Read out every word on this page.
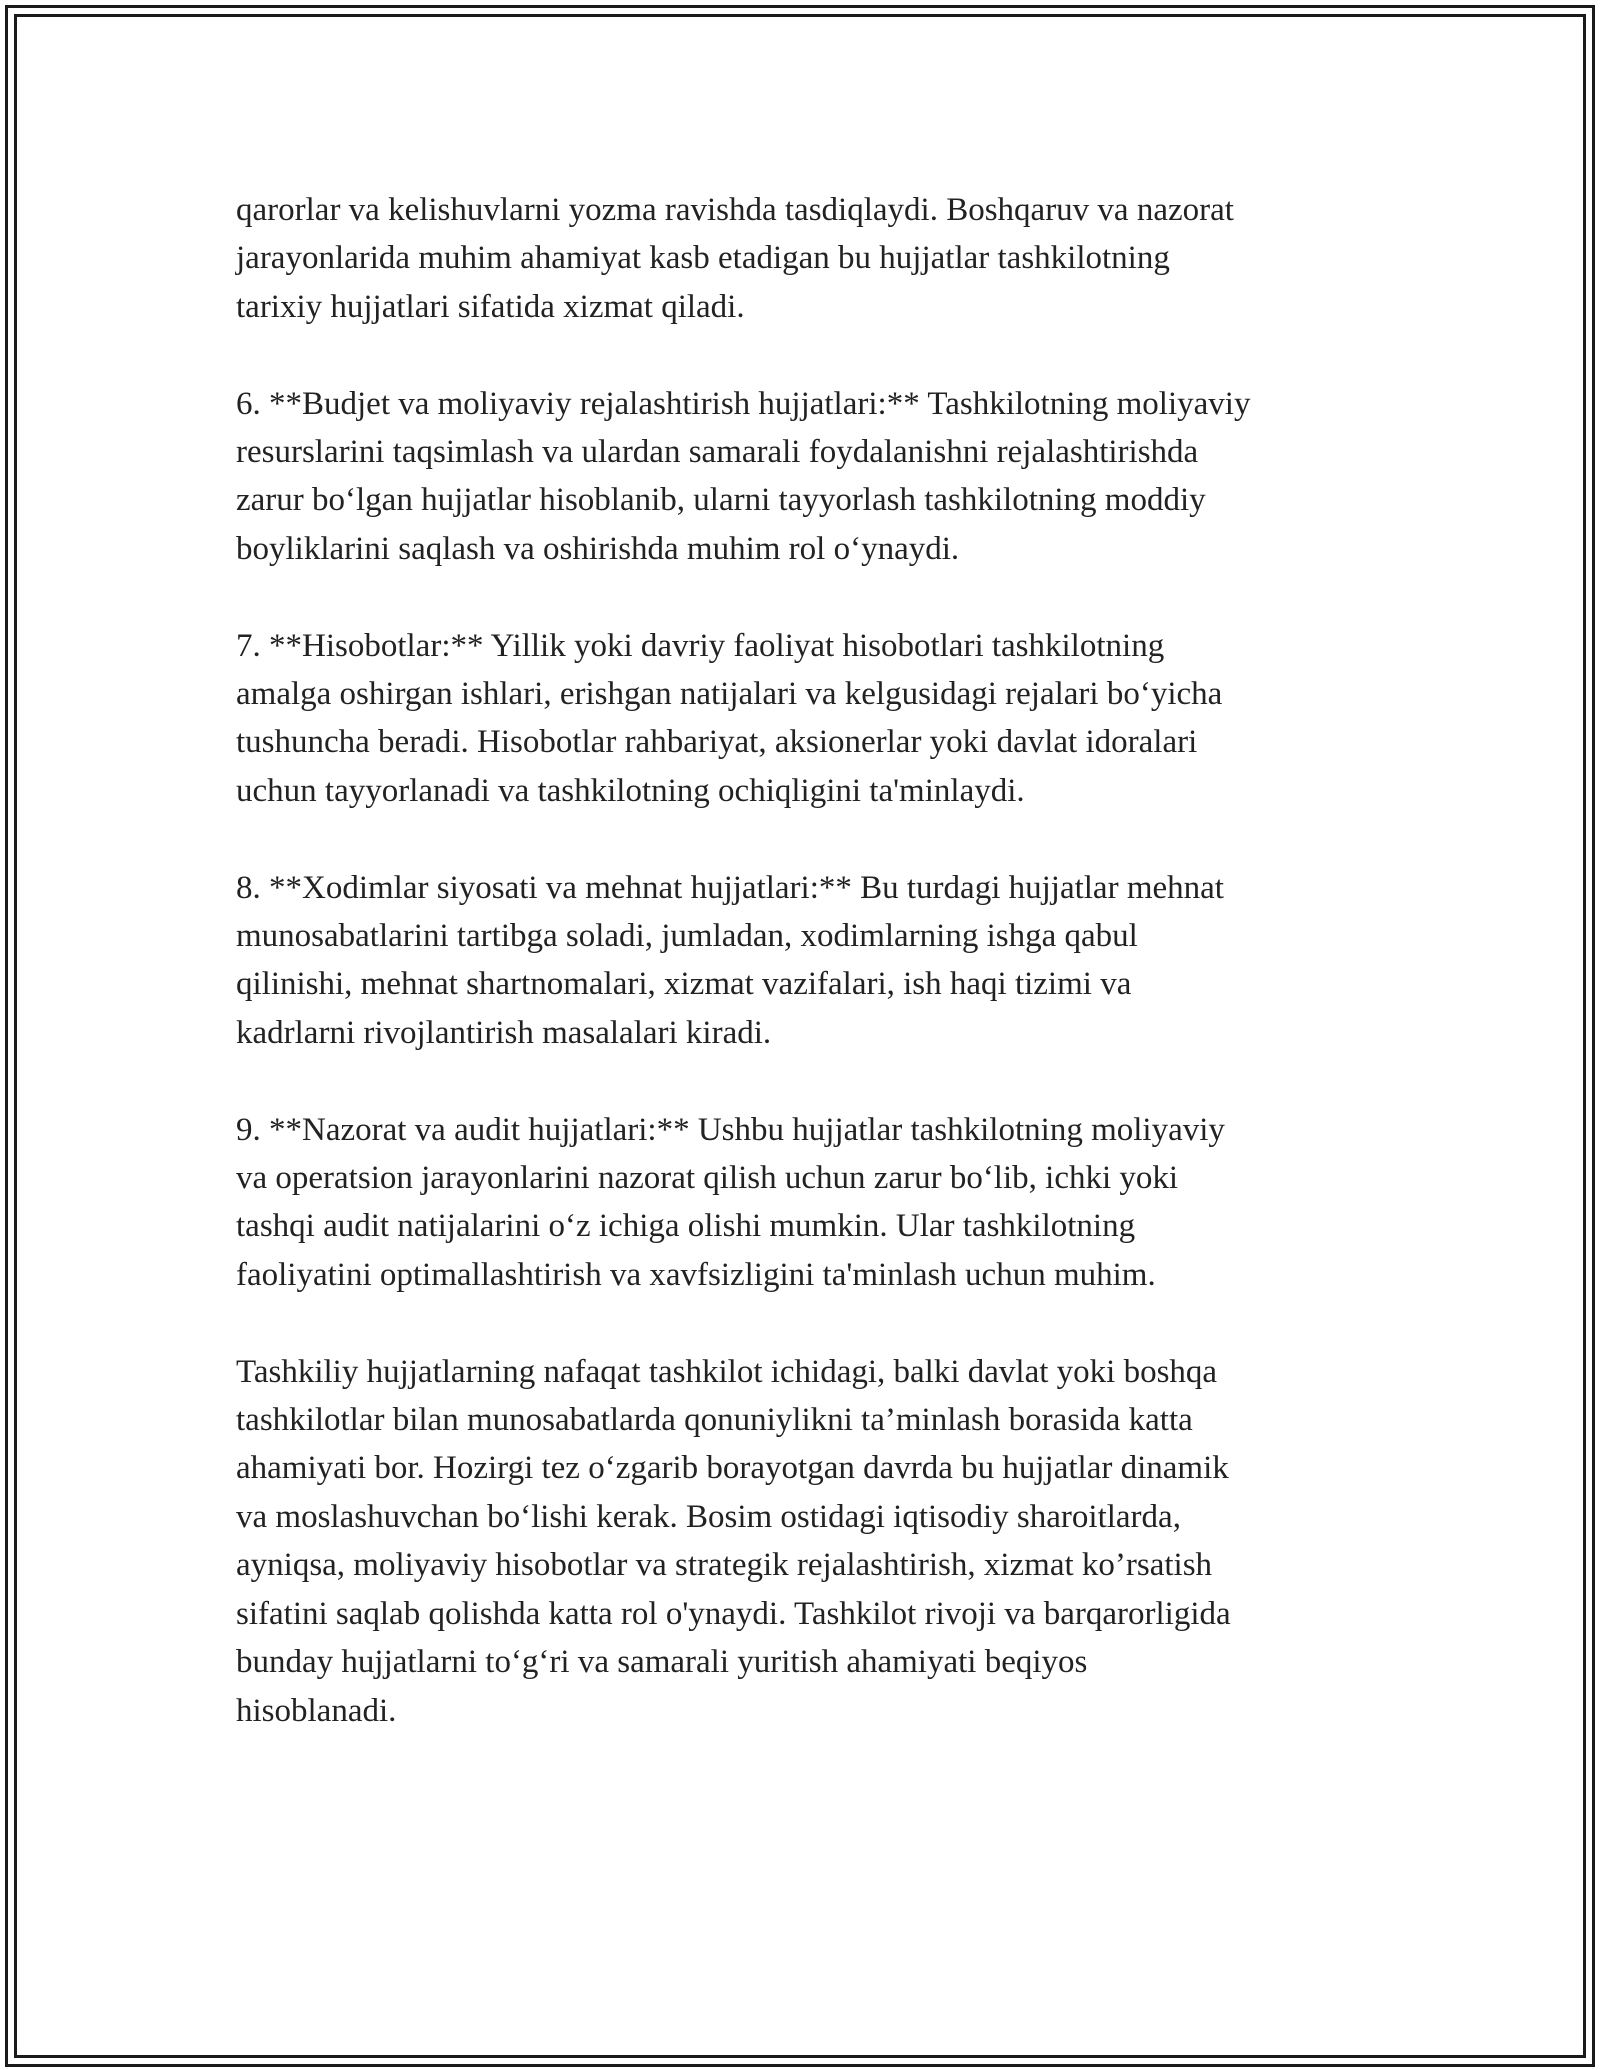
qarorlar va kelishuvlarni yozma ravishda tasdiqlaydi. Boshqaruv va nazorat
jarayonlarida muhim ahamiyat kasb etadigan bu hujjatlar tashkilotning
tarixiy hujjatlari sifatida xizmat qiladi.

6. **Budjet va moliyaviy rejalashtirish hujjatlari:** Tashkilotning moliyaviy
resurslarini taqsimlash va ulardan samarali foydalanishni rejalashtirishda
zarur bo‘lgan hujjatlar hisoblanib, ularni tayyorlash tashkilotning moddiy
boyliklarini saqlash va oshirishda muhim rol o‘ynaydi.

7. **Hisobotlar:** Yillik yoki davriy faoliyat hisobotlari tashkilotning
amalga oshirgan ishlari, erishgan natijalari va kelgusidagi rejalari bo‘yicha
tushuncha beradi. Hisobotlar rahbariyat, aksionerlar yoki davlat idoralari
uchun tayyorlanadi va tashkilotning ochiqligini ta'minlaydi.

8. **Xodimlar siyosati va mehnat hujjatlari:** Bu turdagi hujjatlar mehnat
munosabatlarini tartibga soladi, jumladan, xodimlarning ishga qabul
qilinishi, mehnat shartnomalari, xizmat vazifalari, ish haqi tizimi va
kadrlarni rivojlantirish masalalari kiradi.

9. **Nazorat va audit hujjatlari:** Ushbu hujjatlar tashkilotning moliyaviy
va operatsion jarayonlarini nazorat qilish uchun zarur bo‘lib, ichki yoki
tashqi audit natijalarini o‘z ichiga olishi mumkin. Ular tashkilotning
faoliyatini optimallashtirish va xavfsizligini ta'minlash uchun muhim.

Tashkiliy hujjatlarning nafaqat tashkilot ichidagi, balki davlat yoki boshqa
tashkilotlar bilan munosabatlarda qonuniylikni ta’minlash borasida katta
ahamiyati bor. Hozirgi tez o‘zgarib borayotgan davrda bu hujjatlar dinamik
va moslashuvchan bo‘lishi kerak. Bosim ostidagi iqtisodiy sharoitlarda,
ayniqsa, moliyaviy hisobotlar va strategik rejalashtirish, xizmat ko’rsatish
sifatini saqlab qolishda katta rol o'ynaydi. Tashkilot rivoji va barqarorligida
bunday hujjatlarni to‘g‘ri va samarali yuritish ahamiyati beqiyos
hisoblanadi.
